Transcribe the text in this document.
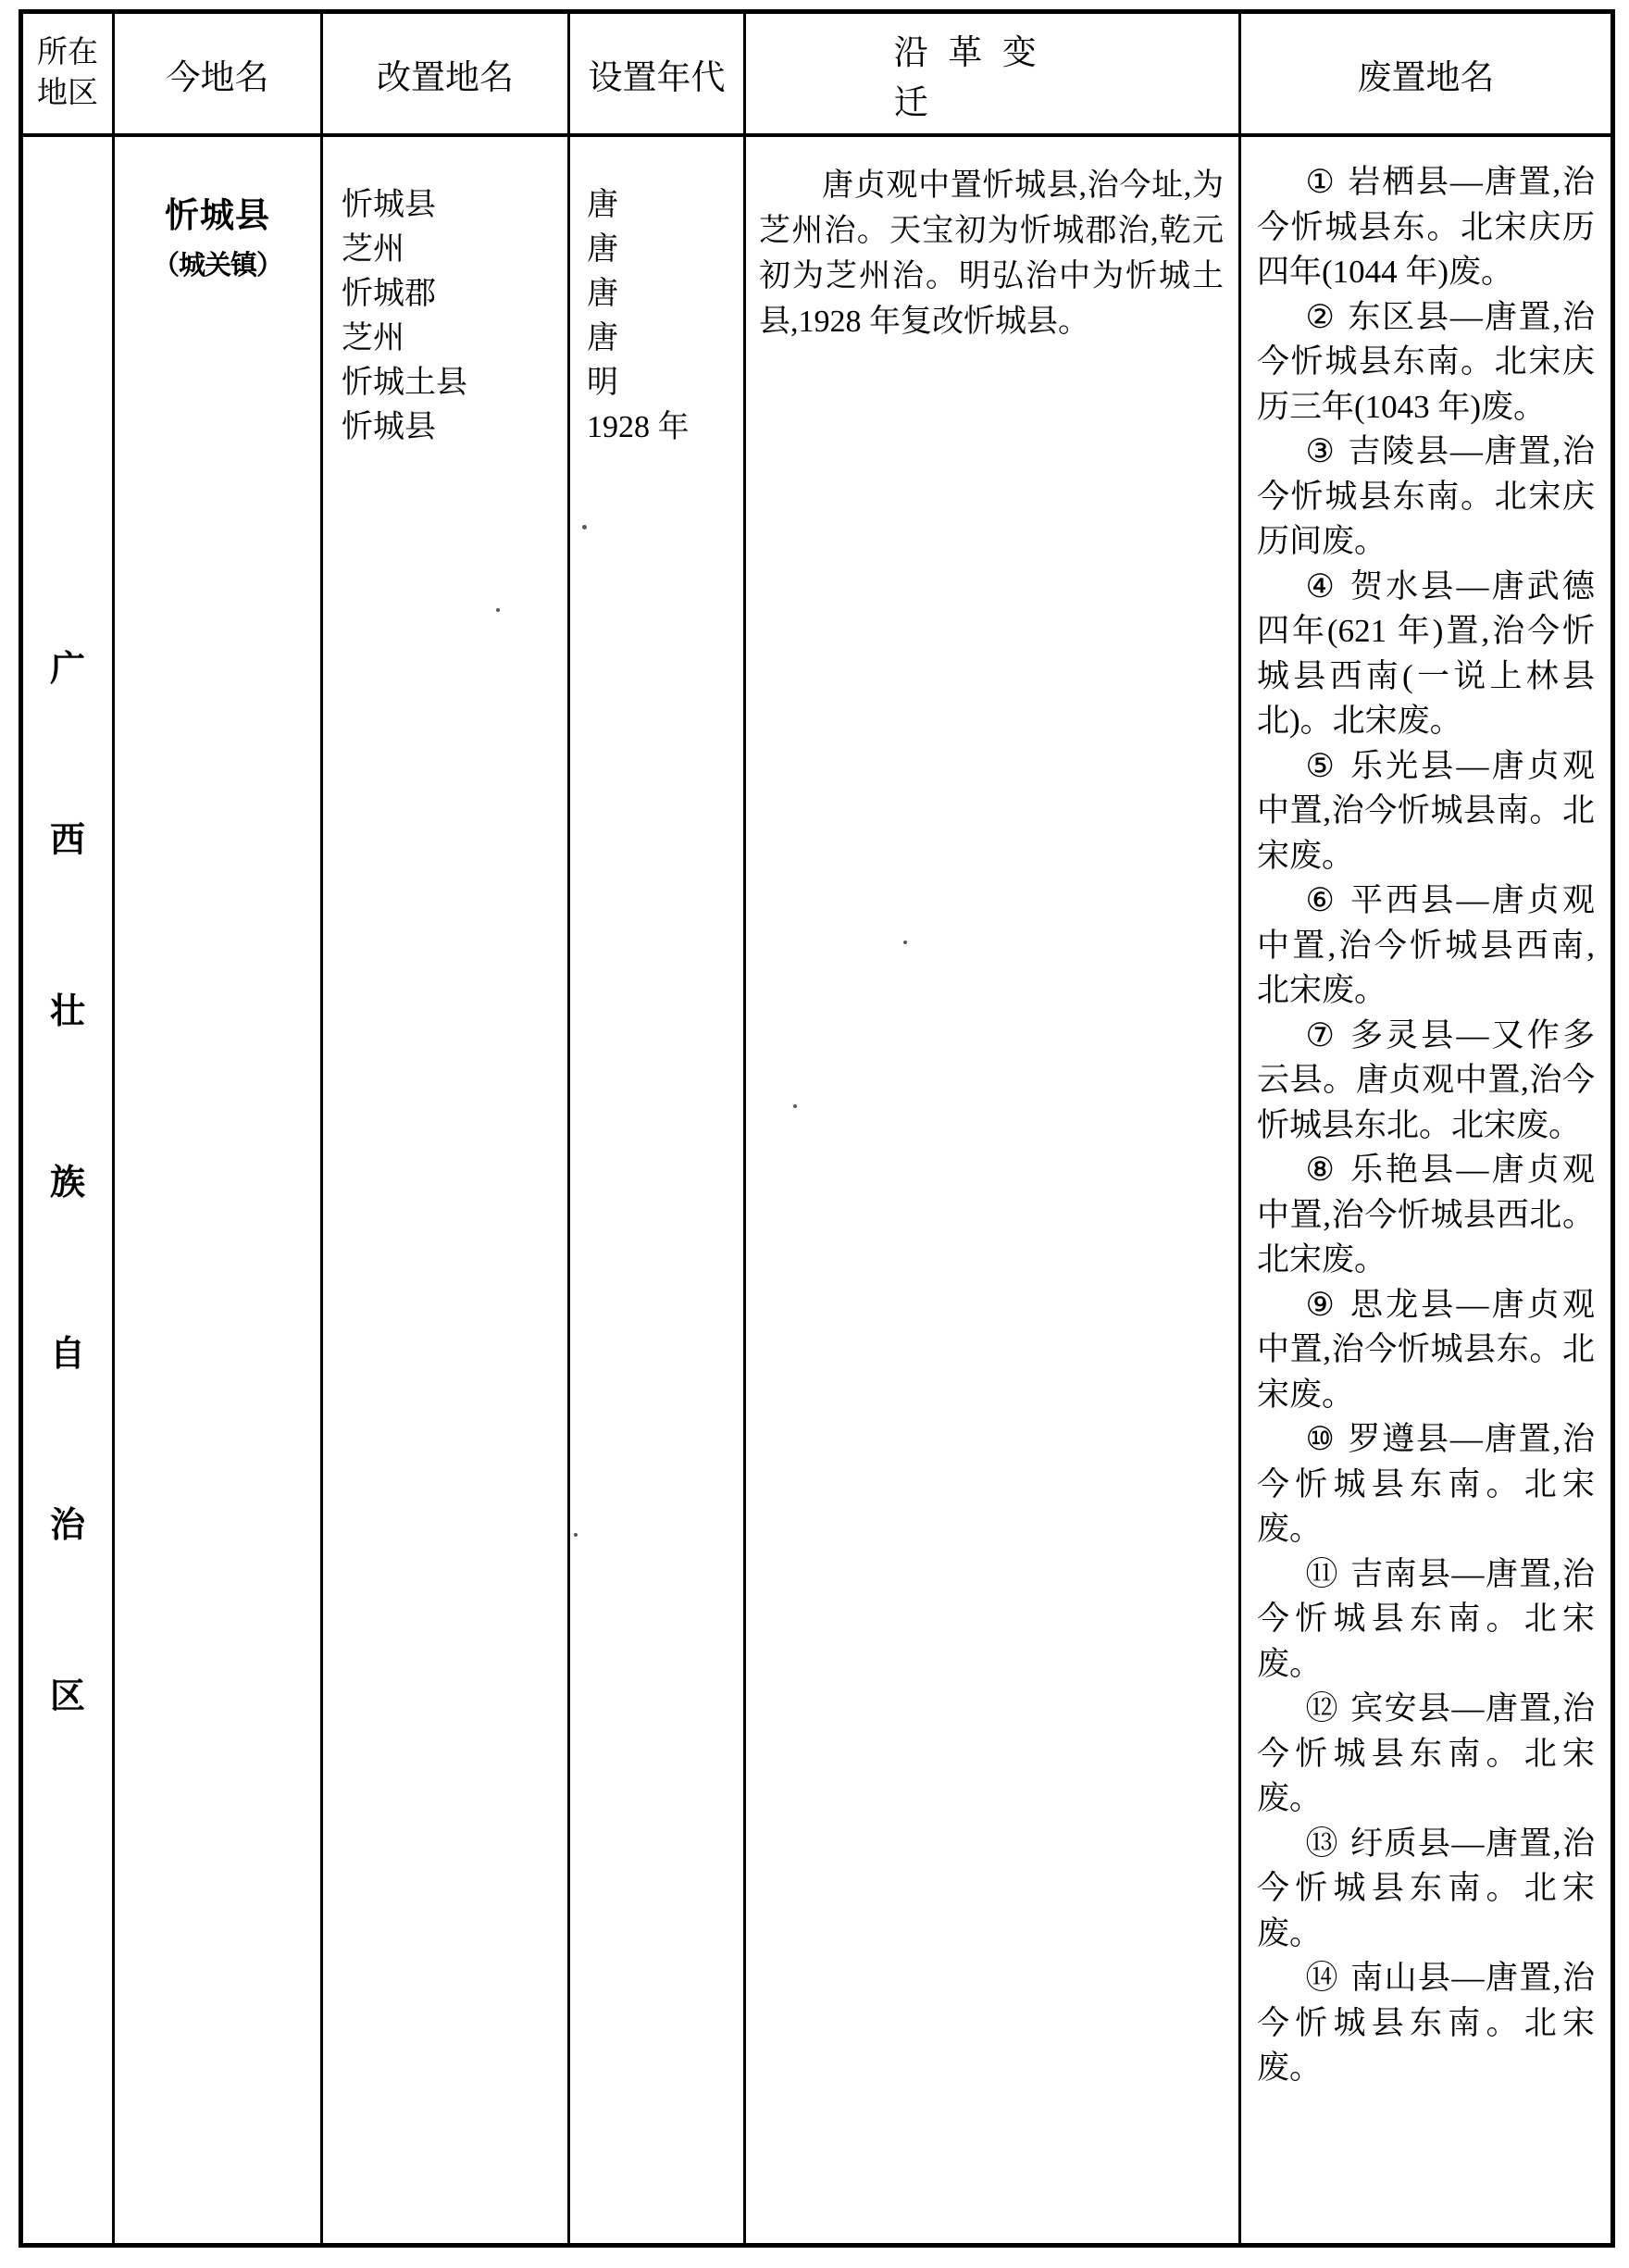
所在
地区 今地名	改置地名 设置年代
沿革变迁
废置地名
广
西
壮
族
自
治
区
忻城县
（城关镇）
忻城县
芝州
忻城郡
芝州
忻城土县
忻城县
唐
唐
唐
唐
明
1928 年

唐贞观中置忻城县,治今址,为芝州治。天宝初为忻城郡治,乾元初为芝州治。明弘治中为忻城土县,1928 年复改忻城县。

① 岩栖县—唐置,治今忻城县东。北宋庆历四年(1044 年)废。

② 东区县—唐置,治今忻城县东南。北宋庆历三年(1043 年)废。

③ 吉陵县—唐置,治今忻城县东南。北宋庆历间废。

④ 贺水县—唐武德四年(621 年)置,治今忻城县西南(一说上林县北)。北宋废。

⑤ 乐光县—唐贞观中置,治今忻城县南。北宋废。

⑥ 平西县—唐贞观中置,治今忻城县西南,北宋废。

⑦ 多灵县—又作多云县。唐贞观中置,治今忻城县东北。北宋废。

⑧ 乐艳县—唐贞观中置,治今忻城县西北。北宋废。

⑨ 思龙县—唐贞观中置,治今忻城县东。北宋废。

⑩ 罗遵县—唐置,治今忻城县东南。北宋废。

⑪ 吉南县—唐置,治今忻城县东南。北宋废。

⑫ 宾安县—唐置,治今忻城县东南。北宋废。

⑬ 纡质县—唐置,治今忻城县东南。北宋废。

⑭ 南山县—唐置,治今忻城县东南。北宋废。
